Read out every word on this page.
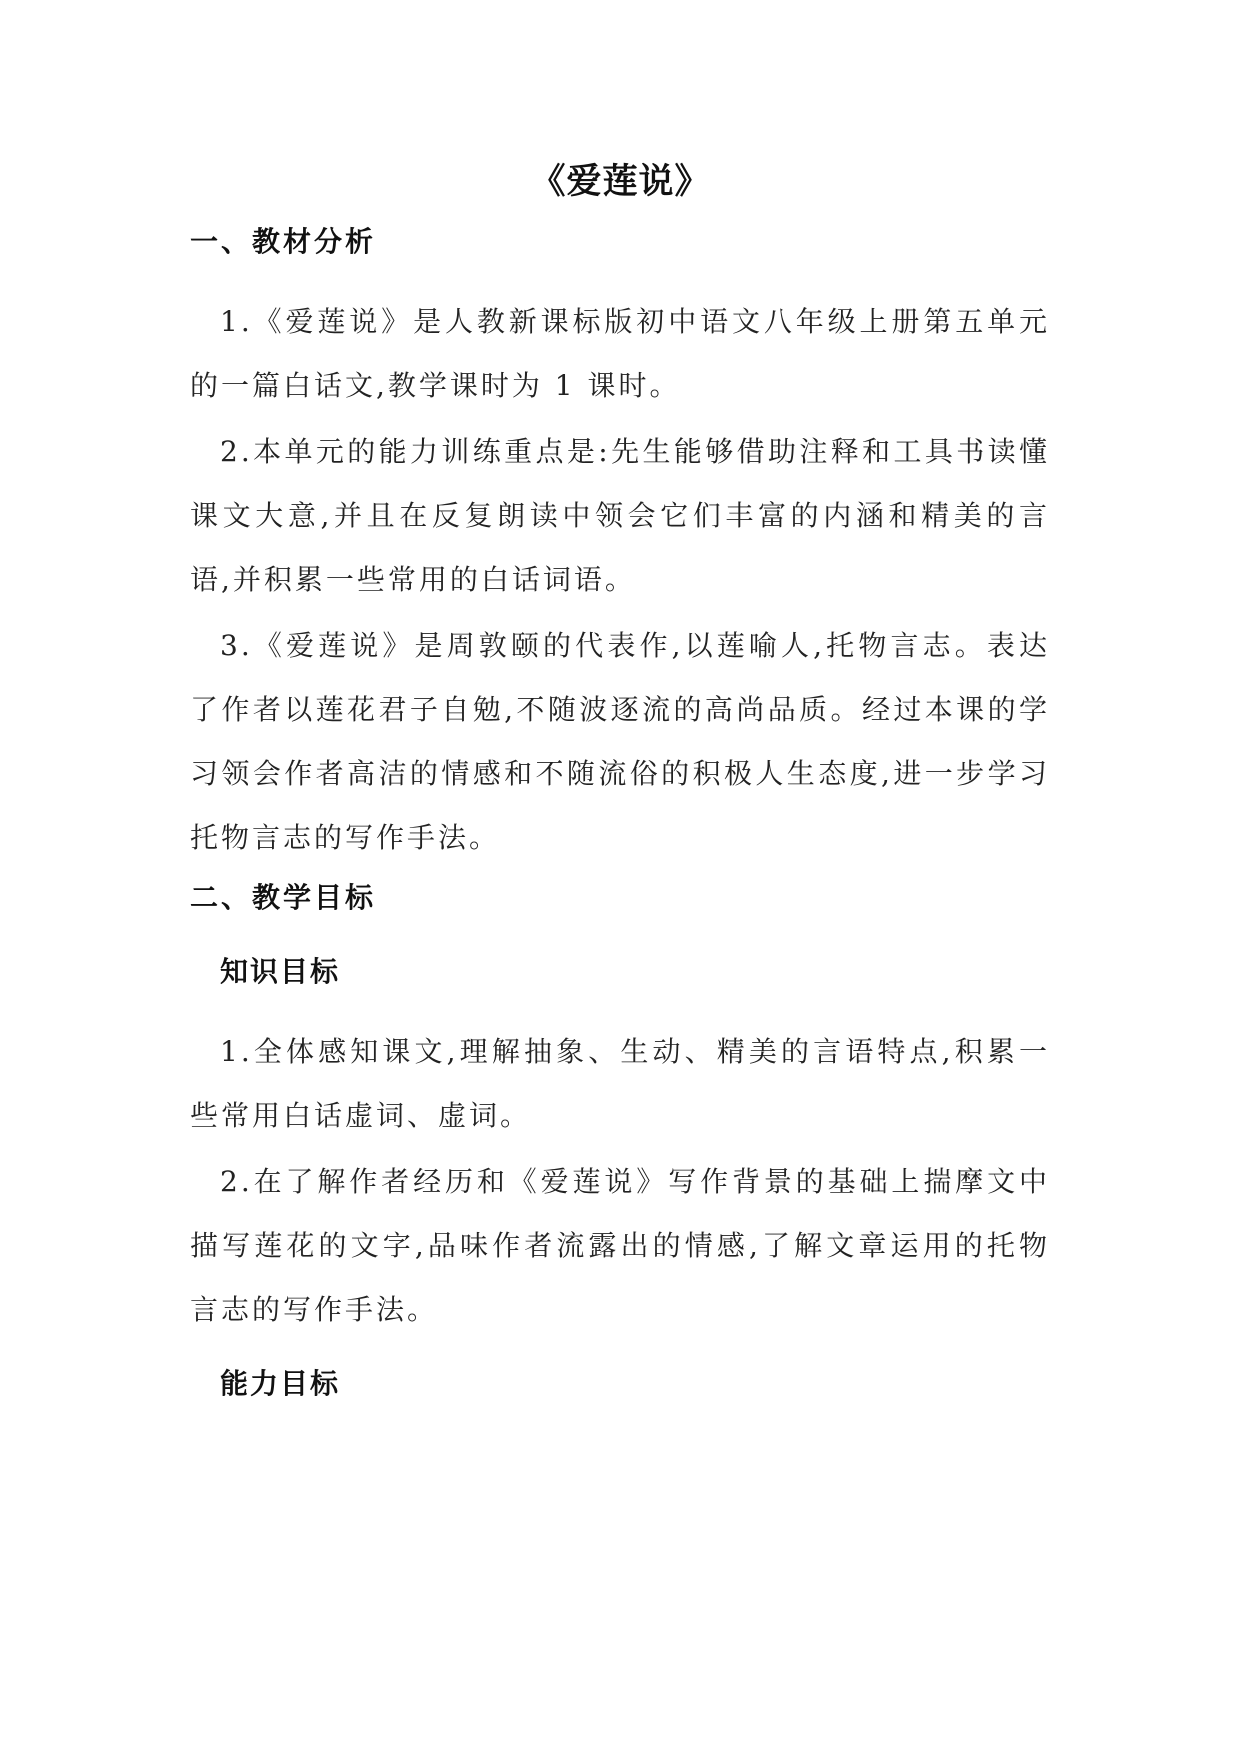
《爱莲说》
一、教材分析
1.《爱莲说》是人教新课标版初中语文八年级上册第五单元的一篇白话文,教学课时为 1 课时。
2.本单元的能力训练重点是:先生能够借助注释和工具书读懂课文大意,并且在反复朗读中领会它们丰富的内涵和精美的言语,并积累一些常用的白话词语。
3.《爱莲说》是周敦颐的代表作,以莲喻人,托物言志。表达了作者以莲花君子自勉,不随波逐流的高尚品质。经过本课的学习领会作者高洁的情感和不随流俗的积极人生态度,进一步学习托物言志的写作手法。
二、教学目标
知识目标
1.全体感知课文,理解抽象、生动、精美的言语特点,积累一些常用白话虚词、虚词。
2.在了解作者经历和《爱莲说》写作背景的基础上揣摩文中描写莲花的文字,品味作者流露出的情感,了解文章运用的托物言志的写作手法。
能力目标
